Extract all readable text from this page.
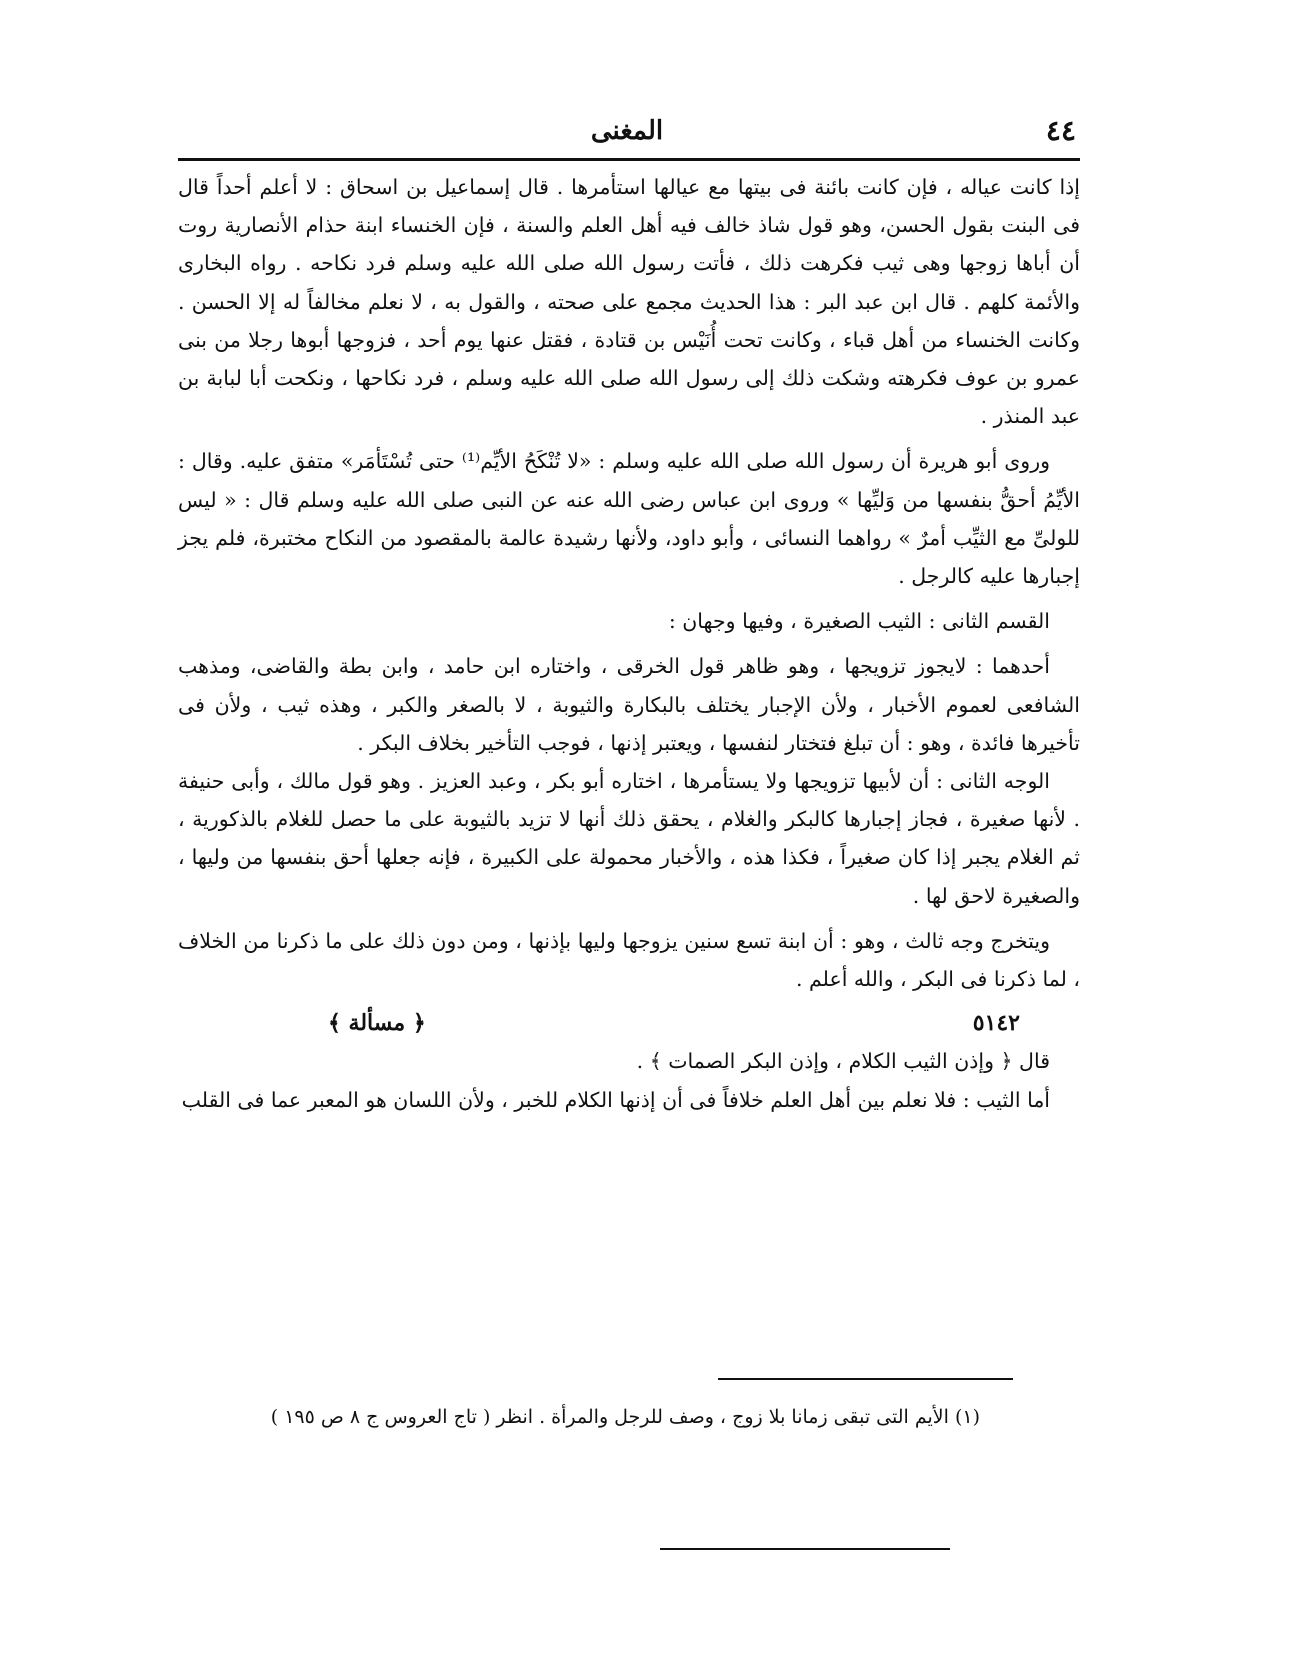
٤٤
المغنى

إذا كانت عياله ، فإن كانت بائنة فى بيتها مع عيالها استأمرها . قال إسماعيل بن اسحاق : لا أعلم أحداً قال فى البنت بقول الحسن، وهو قول شاذ خالف فيه أهل العلم والسنة ، فإن الخنساء ابنة حذام الأنصارية روت أن أباها زوجها وهى ثيب فكرهت ذلك ، فأتت رسول الله صلى الله عليه وسلم فرد نكاحه . رواه البخارى والأئمة كلهم . قال ابن عبد البر : هذا الحديث مجمع على صحته ، والقول به ، لا نعلم مخالفاً له إلا الحسن . وكانت الخنساء من أهل قباء ، وكانت تحت أُنَيْس بن قتادة ، فقتل عنها يوم أحد ، فزوجها أبوها رجلا من بنى عمرو بن عوف فكرهته وشكت ذلك إلى رسول الله صلى الله عليه وسلم ، فرد نكاحها ، ونكحت أبا لبابة بن عبد المنذر .

وروى أبو هريرة أن رسول الله صلى الله عليه وسلم : «لا تُنْكَحُ الأيِّم⁽¹⁾ حتى تُسْتَأمَر» متفق عليه. وقال : الأيِّمُ أحقُّ بنفسها من وَليِّها » وروى ابن عباس رضى الله عنه عن النبى صلى الله عليه وسلم قال : « ليس للولىِّ مع الثيِّب أمرٌ » رواهما النسائى ، وأبو داود، ولأنها رشيدة عالمة بالمقصود من النكاح مختبرة، فلم يجز إجبارها عليه كالرجل .

القسم الثانى : الثيب الصغيرة ، وفيها وجهان :

أحدهما : لايجوز تزويجها ، وهو ظاهر قول الخرقى ، واختاره ابن حامد ، وابن بطة والقاضى، ومذهب الشافعى لعموم الأخبار ، ولأن الإجبار يختلف بالبكارة والثيوبة ، لا بالصغر والكبر ، وهذه ثيب ، ولأن فى تأخيرها فائدة ، وهو : أن تبلغ فتختار لنفسها ، ويعتبر إذنها ، فوجب التأخير بخلاف البكر .

الوجه الثانى : أن لأبيها تزويجها ولا يستأمرها ، اختاره أبو بكر ، وعبد العزيز . وهو قول مالك ، وأبى حنيفة . لأنها صغيرة ، فجاز إجبارها كالبكر والغلام ، يحقق ذلك أنها لا تزيد بالثيوبة على ما حصل للغلام بالذكورية ، ثم الغلام يجبر إذا كان صغيراً ، فكذا هذه ، والأخبار محمولة على الكبيرة ، فإنه جعلها أحق بنفسها من وليها ، والصغيرة لاحق لها .

ويتخرج وجه ثالث ، وهو : أن ابنة تسع سنين يزوجها وليها بإذنها ، ومن دون ذلك على ما ذكرنا من الخلاف ، لما ذكرنا فى البكر ، والله أعلم .

٥١٤٢
﴿ مسألة ﴾

قال ﴿ وإذن الثيب الكلام ، وإذن البكر الصمات ﴾ .

أما الثيب : فلا نعلم بين أهل العلم خلافاً فى أن إذنها الكلام للخبر ، ولأن اللسان هو المعبر عما فى القلب

(١) الأيم التى تبقى زمانا بلا زوج ، وصف للرجل والمرأة . انظر ( تاج العروس ج ٨ ص ١٩٥ )
